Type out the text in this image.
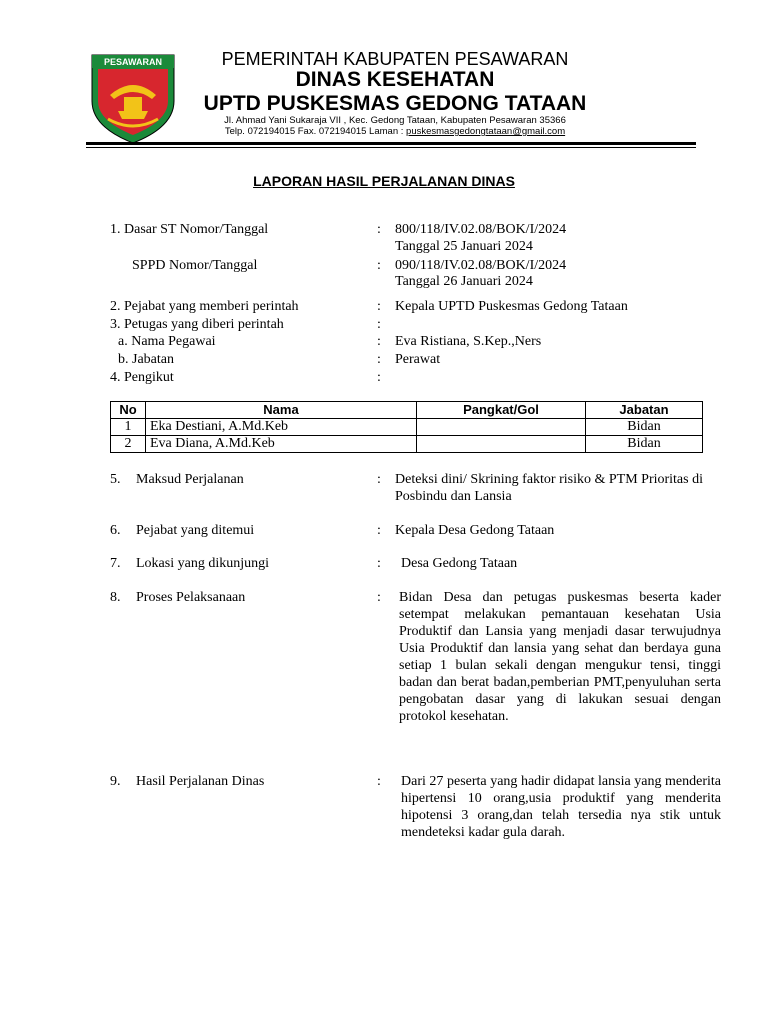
PESAWARAN	PEMERINTAH KABUPATEN PESAWARAN
DINAS KESEHATAN
UPTD PUSKESMAS GEDONG TATAAN
Jl. Ahmad Yani Sukaraja VII , Kec. Gedong Tataan, Kabupaten Pesawaran 35366
Telp. 072194015 Fax. 072194015 Laman : puskesmasgedongtataan@gmail.com
LAPORAN HASIL PERJALANAN DINAS
1. Dasar ST Nomor/Tanggal	: 800/118/IV.02.08/BOK/I/2024
Tanggal 25 Januari 2024
SPPD Nomor/Tanggal	: 090/118/IV.02.08/BOK/I/2024
Tanggal 26 Januari 2024
2. Pejabat yang memberi perintah	: Kepala UPTD Puskesmas Gedong Tataan
3. Petugas yang diberi perintah	:
a. Nama Pegawai	: Eva Ristiana, S.Kep.,Ners
b. Jabatan	: Perawat
4. Pengikut	:
No	Nama	Pangkat/Gol	Jabatan
1	Eka Destiani, A.Md.Keb		Bidan
2	Eva Diana, A.Md.Keb		Bidan
5. Maksud Perjalanan	: Deteksi dini/ Skrining faktor risiko & PTM Prioritas di Posbindu dan Lansia
6. Pejabat yang ditemui	: Kepala Desa Gedong Tataan
7. Lokasi yang dikunjungi	: Desa Gedong Tataan
8. Proses Pelaksanaan	: Bidan Desa dan petugas puskesmas beserta kader setempat melakukan pemantauan kesehatan Usia Produktif dan Lansia yang menjadi dasar terwujudnya Usia Produktif dan lansia yang sehat dan berdaya guna setiap 1 bulan sekali dengan mengukur tensi, tinggi badan dan berat badan,pemberian PMT,penyuluhan serta pengobatan dasar yang di lakukan sesuai dengan protokol kesehatan.
9. Hasil Perjalanan Dinas	: Dari 27 peserta yang hadir didapat lansia yang menderita hipertensi 10 orang,usia produktif yang menderita hipotensi 3 orang,dan telah tersedia nya stik untuk mendeteksi kadar gula darah.
